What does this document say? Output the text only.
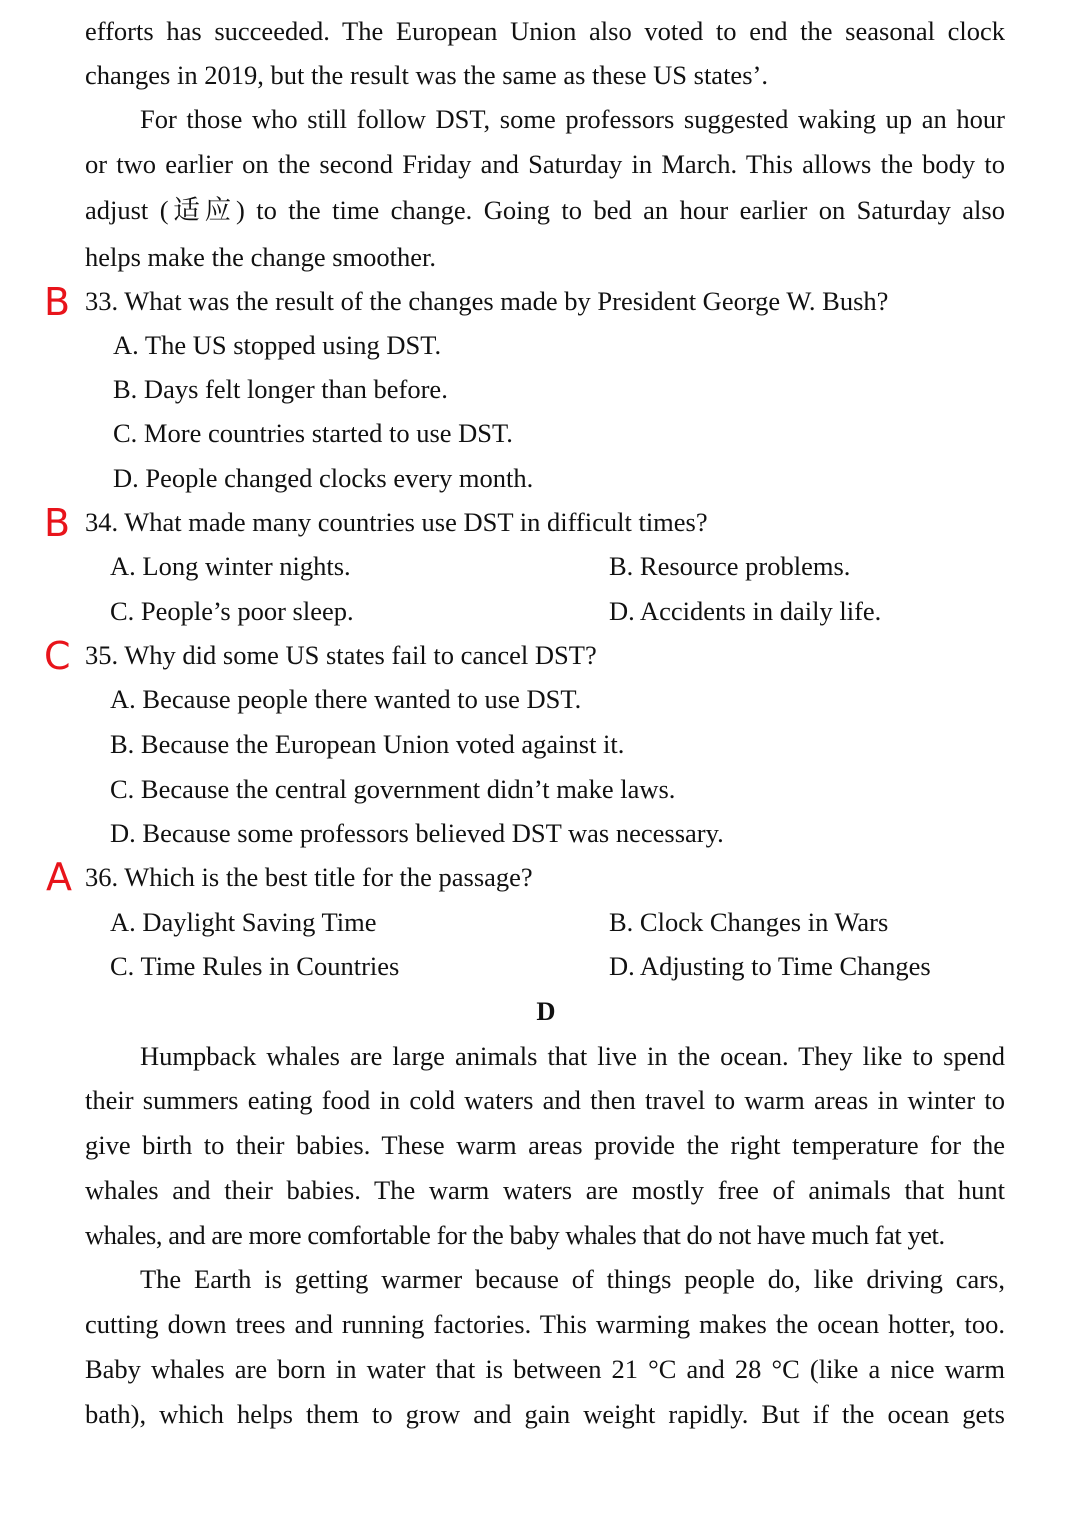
efforts has succeeded. The European Union also voted to end the seasonal clock
changes in 2019, but the result was the same as these US states’.
For those who still follow DST, some professors suggested waking up an hour
or two earlier on the second Friday and Saturday in March. This allows the body to
adjust (适应) to the time change. Going to bed an hour earlier on Saturday also
helps make the change smoother.
B 33. What was the result of the changes made by President George W. Bush?
A. The US stopped using DST.
B. Days felt longer than before.
C. More countries started to use DST.
D. People changed clocks every month.
B 34. What made many countries use DST in difficult times?
A. Long winter nights.	B. Resource problems.
C. People’s poor sleep.	D. Accidents in daily life.
C 35. Why did some US states fail to cancel DST?
A. Because people there wanted to use DST.
B. Because the European Union voted against it.
C. Because the central government didn’t make laws.
D. Because some professors believed DST was necessary.
A 36. Which is the best title for the passage?
A. Daylight Saving Time	B. Clock Changes in Wars
C. Time Rules in Countries	D. Adjusting to Time Changes
D
Humpback whales are large animals that live in the ocean. They like to spend
their summers eating food in cold waters and then travel to warm areas in winter to
give birth to their babies. These warm areas provide the right temperature for the
whales and their babies. The warm waters are mostly free of animals that hunt
whales, and are more comfortable for the baby whales that do not have much fat yet.
The Earth is getting warmer because of things people do, like driving cars,
cutting down trees and running factories. This warming makes the ocean hotter, too.
Baby whales are born in water that is between 21 °C and 28 °C (like a nice warm
bath), which helps them to grow and gain weight rapidly. But if the ocean gets
